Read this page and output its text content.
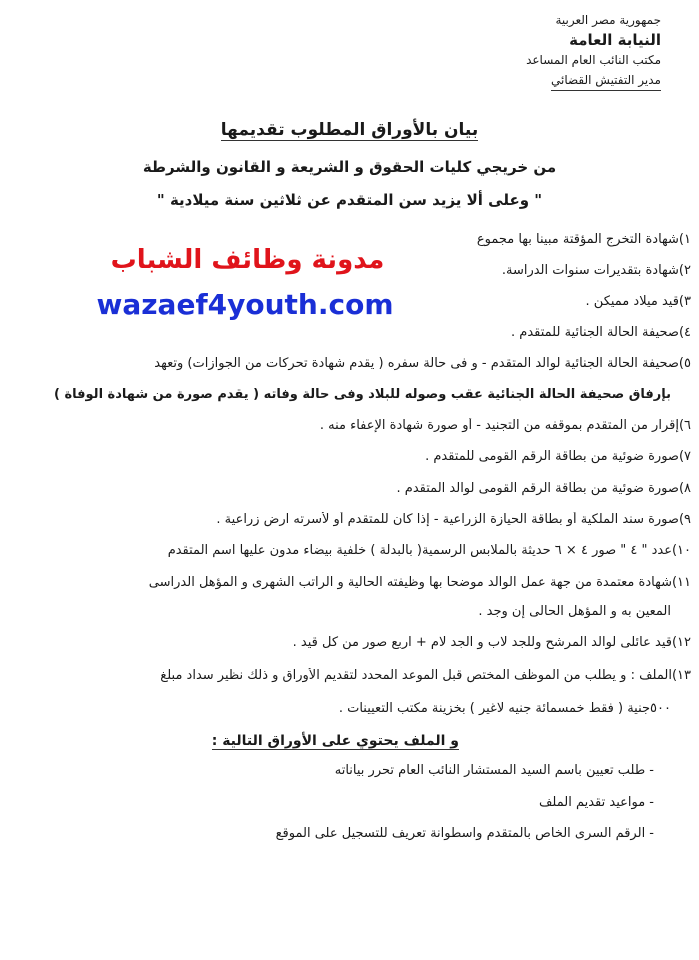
جمهورية مصر العربية
النيابة العامة
مكتب النائب العام المساعد
مدير التفتيش القضائي
بيان بالأوراق المطلوب تقديمها
من خريجي كليات الحقوق و الشريعة و القانون والشرطة
" وعلى ألا يزيد سن المتقدم عن ثلاثين سنة ميلادية "
١)شهادة التخرج المؤقتة مبينا بها مجموع
٢)شهادة بتقديرات سنوات الدراسة.
٣)قيد ميلاد مميكن .
٤)صحيفة الحالة الجنائية للمتقدم .
٥)صحيفة الحالة الجنائية لوالد المتقدم - و فى حالة سفره ( يقدم شهادة تحركات من الجوازات) وتعهد
بإرفاق صحيفة الحالة الجنائية عقب وصوله للبلاد وفى حالة وفاته ( يقدم صورة من شهادة الوفاة )
٦)إقرار من المتقدم بموقفه من التجنيد - أو صورة شهادة الإعفاء منه .
٧)صورة ضوئية من بطاقة الرقم القومى للمتقدم .
٨)صورة ضوئية من بطاقة الرقم القومى لوالد المتقدم .
٩)صورة سند الملكية أو بطاقة الحيازة الزراعية - إذا كان للمتقدم أو لأسرته ارض زراعية .
١٠)عدد " ٤ " صور ٤ × ٦ حديثة بالملابس الرسمية( بالبدلة ) خلفية بيضاء مدون عليها اسم المتقدم
١١)شهادة معتمدة من جهة عمل الوالد موضحا بها وظيفته الحالية و الراتب الشهرى و المؤهل الدراسى
المعين به و المؤهل الحالى إن وجد .
١٢)قيد عائلى لوالد المرشح وللجد لاب و الجد لام + اربع صور من كل قيد .
١٣)الملف : و يطلب من الموظف المختص قبل الموعد المحدد لتقديم الأوراق و ذلك نظير سداد مبلغ
٥٠٠جنية ( فقط خمسمائة جنيه لاغير ) بخزينة مكتب التعيينات .
و الملف يحتوي على الأوراق التالية :
- طلب تعيين باسم السيد المستشار النائب العام تحرر بياناته
- مواعيد تقديم الملف
- الرقم السرى الخاص بالمتقدم واسطوانة تعريف للتسجيل على الموقع
مدونة وظائف الشباب
wazaef4youth.com
